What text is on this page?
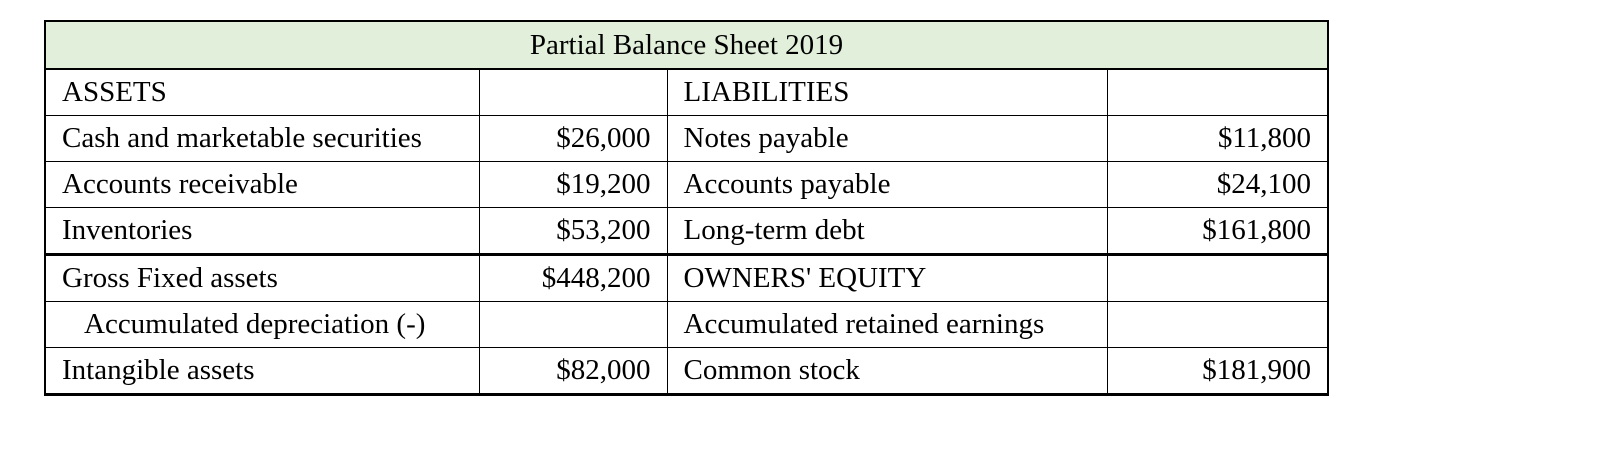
Partial Balance Sheet 2019			
ASSETS		LIABILITIES	
Cash and marketable securities	$26,000	Notes payable	$11,800
Accounts receivable	$19,200	Accounts payable	$24,100
Inventories	$53,200	Long-term debt	$161,800
Gross Fixed assets	$448,200	OWNERS' EQUITY	
Accumulated depreciation (-)		Accumulated retained earnings	
Intangible assets	$82,000	Common stock	$181,900
